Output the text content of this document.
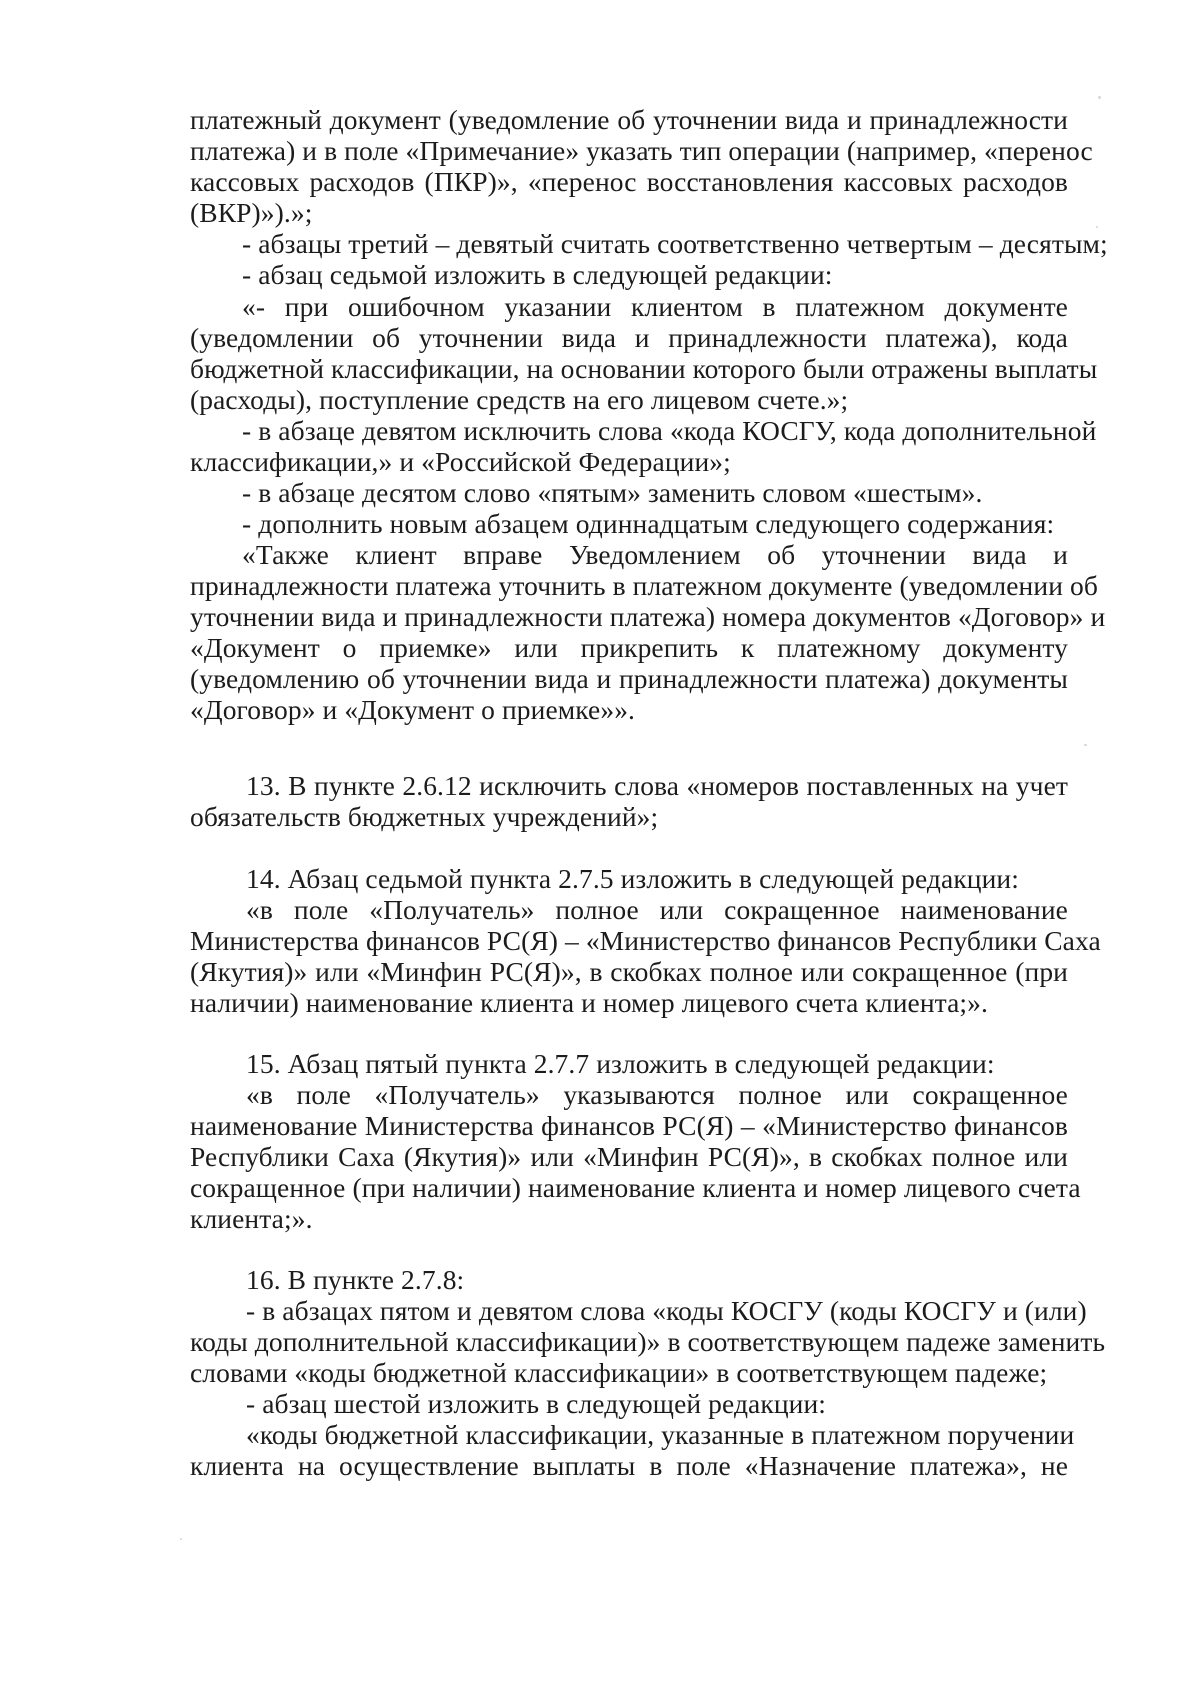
платежный документ (уведомление об уточнении вида и принадлежности
платежа) и в поле «Примечание» указать тип операции (например, «перенос
кассовых расходов (ПКР)», «перенос восстановления кассовых расходов
(ВКР)»).»;
- абзацы третий – девятый считать соответственно четвертым – десятым;
- абзац седьмой изложить в следующей редакции:
«- при ошибочном указании клиентом в платежном документе
(уведомлении об уточнении вида и принадлежности платежа), кода
бюджетной классификации, на основании которого были отражены выплаты
(расходы), поступление средств на его лицевом счете.»;
- в абзаце девятом исключить слова «кода КОСГУ, кода дополнительной
классификации,» и «Российской Федерации»;
- в абзаце десятом слово «пятым» заменить словом «шестым».
- дополнить новым абзацем одиннадцатым следующего содержания:
«Также клиент вправе Уведомлением об уточнении вида и
принадлежности платежа уточнить в платежном документе (уведомлении об
уточнении вида и принадлежности платежа) номера документов «Договор» и
«Документ о приемке» или прикрепить к платежному документу
(уведомлению об уточнении вида и принадлежности платежа) документы
«Договор» и «Документ о приемке»».
13. В пункте 2.6.12 исключить слова «номеров поставленных на учет
обязательств бюджетных учреждений»;
14. Абзац седьмой пункта 2.7.5 изложить в следующей редакции:
«в поле «Получатель» полное или сокращенное наименование
Министерства финансов РС(Я) – «Министерство финансов Республики Саха
(Якутия)» или «Минфин РС(Я)», в скобках полное или сокращенное (при
наличии) наименование клиента и номер лицевого счета клиента;».
15. Абзац пятый пункта 2.7.7 изложить в следующей редакции:
«в поле «Получатель» указываются полное или сокращенное
наименование Министерства финансов РС(Я) – «Министерство финансов
Республики Саха (Якутия)» или «Минфин РС(Я)», в скобках полное или
сокращенное (при наличии) наименование клиента и номер лицевого счета
клиента;».
16. В пункте 2.7.8:
- в абзацах пятом и девятом слова «коды КОСГУ (коды КОСГУ и (или)
коды дополнительной классификации)» в соответствующем падеже заменить
словами «коды бюджетной классификации» в соответствующем падеже;
- абзац шестой изложить в следующей редакции:
«коды бюджетной классификации, указанные в платежном поручении
клиента на осуществление выплаты в поле «Назначение платежа», не
